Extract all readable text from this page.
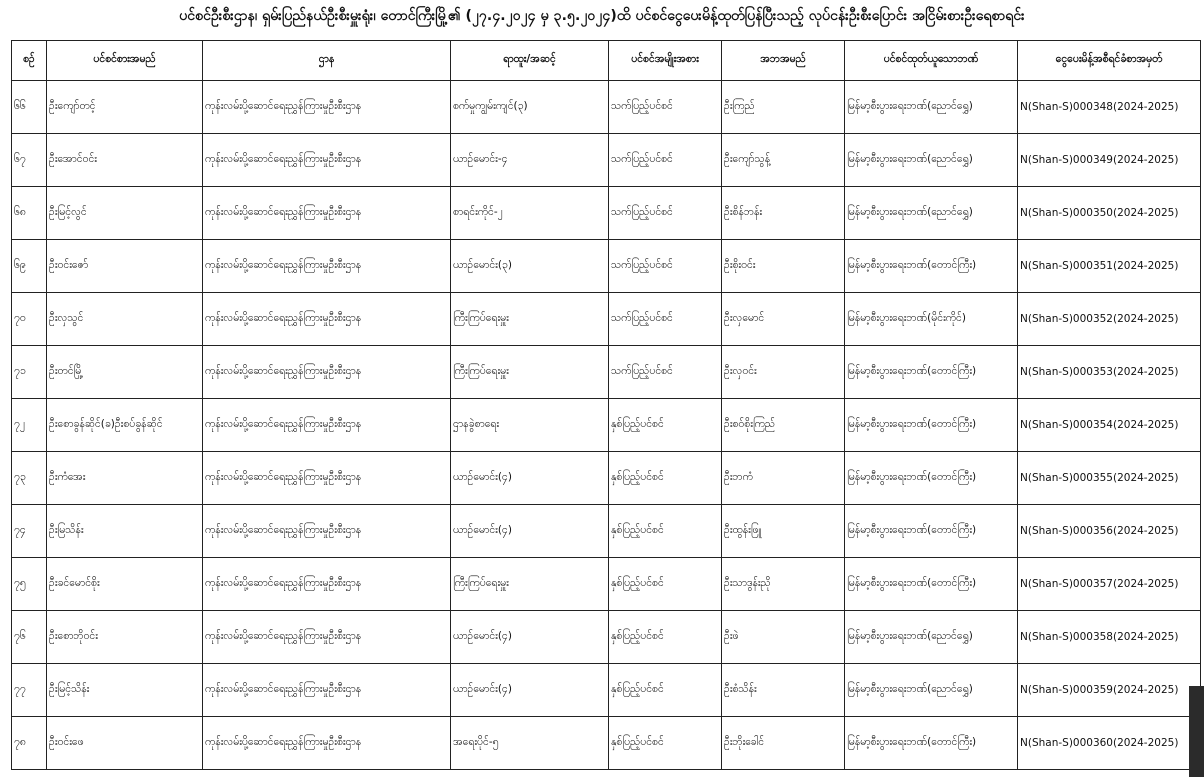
ပင်စင်ဦးစီးဌာန၊ ရှမ်းပြည်နယ်ဦးစီးမှူးရုံး၊ တောင်ကြီးမြို့၏ (၂၇.၄.၂၀၂၄ မှ ၃.၅.၂၀၂၄)ထိ ပင်စင်ငွေပေးမိန့်ထုတ်ပြန်ပြီးသည့် လုပ်ငန်းဦးစီးပြောင်း အငြိမ်းစားဦးရေစာရင်း
စဉ်	ပင်စင်စားအမည်	ဌာန	ရာထူး/အဆင့်	ပင်စင်အမျိုးအစား	အဘအမည်	ပင်စင်ထုတ်ယူသောဘဏ်	ငွေပေးမိန့်အစီရင်ခံစာအမှတ်
၆၆	ဦးကျော်တင့်	ကုန်းလမ်းပို့ဆောင်ရေးညွှန်ကြားမှုဦးစီးဌာန	စက်မှုကျွမ်းကျင်(၃)	သက်ပြည့်ပင်စင်	ဦးကြည်	မြန်မာ့စီးပွားရေးဘဏ်(ညောင်ရွှေ)	N(Shan-S)000348(2024-2025)
၆၇	ဦးအောင်ဝင်း	ကုန်းလမ်းပို့ဆောင်ရေးညွှန်ကြားမှုဦးစီးဌာန	ယာဉ်မောင်း-၄	သက်ပြည့်ပင်စင်	ဦးကျော်သွန့်	မြန်မာ့စီးပွားရေးဘဏ်(ညောင်ရွှေ)	N(Shan-S)000349(2024-2025)
၆၈	ဦးမြင့်လွင်	ကုန်းလမ်းပို့ဆောင်ရေးညွှန်ကြားမှုဦးစီးဌာန	စာရင်းကိုင်-၂	သက်ပြည့်ပင်စင်	ဦးစိန်ဘန်း	မြန်မာ့စီးပွားရေးဘဏ်(ညောင်ရွှေ)	N(Shan-S)000350(2024-2025)
၆၉	ဦးဝင်းဇော်	ကုန်းလမ်းပို့ဆောင်ရေးညွှန်ကြားမှုဦးစီးဌာန	ယာဉ်မောင်း(၃)	သက်ပြည့်ပင်စင်	ဦးစိုးဝင်း	မြန်မာ့စီးပွားရေးဘဏ်(တောင်ကြီး)	N(Shan-S)000351(2024-2025)
၇၀	ဦးလှသွင်	ကုန်းလမ်းပို့ဆောင်ရေးညွှန်ကြားမှုဦးစီးဌာန	ကြီးကြပ်ရေးမှူး	သက်ပြည့်ပင်စင်	ဦးလှမောင်	မြန်မာ့စီးပွားရေးဘဏ်(မိုင်းကိုင်)	N(Shan-S)000352(2024-2025)
၇၁	ဦးတင်မြို့	ကုန်းလမ်းပို့ဆောင်ရေးညွှန်ကြားမှုဦးစီးဌာန	ကြီးကြပ်ရေးမှူး	သက်ပြည့်ပင်စင်	ဦးလှဝင်း	မြန်မာ့စီးပွားရေးဘဏ်(တောင်ကြီး)	N(Shan-S)000353(2024-2025)
၇၂	ဦးစောခွန်ဆိုင်(ခ)ဦးစပ်ခွန်ဆိုင်	ကုန်းလမ်းပို့ဆောင်ရေးညွှန်ကြားမှုဦးစီးဌာန	ဌာနခွဲစာရေး	နှစ်ပြည့်ပင်စင်	ဦးစဝ်စိုးကြည်	မြန်မာ့စီးပွားရေးဘဏ်(တောင်ကြီး)	N(Shan-S)000354(2024-2025)
၇၃	ဦးကံအေး	ကုန်းလမ်းပို့ဆောင်ရေးညွှန်ကြားမှုဦးစီးဌာန	ယာဉ်မောင်း(၄)	နှစ်ပြည့်ပင်စင်	ဦးဘကံ	မြန်မာ့စီးပွားရေးဘဏ်(တောင်ကြီး)	N(Shan-S)000355(2024-2025)
၇၄	ဦးမြသိန်း	ကုန်းလမ်းပို့ဆောင်ရေးညွှန်ကြားမှုဦးစီးဌာန	ယာဉ်မောင်း(၄)	နှစ်ပြည့်ပင်စင်	ဦးထွန်းဖြူ	မြန်မာ့စီးပွားရေးဘဏ်(တောင်ကြီး)	N(Shan-S)000356(2024-2025)
၇၅	ဦးခင်မောင်စိုး	ကုန်းလမ်းပို့ဆောင်ရေးညွှန်ကြားမှုဦးစီးဌာန	ကြီးကြပ်ရေးမှူး	နှစ်ပြည့်ပင်စင်	ဦးသာဒွန်းညို	မြန်မာ့စီးပွားရေးဘဏ်(တောင်ကြီး)	N(Shan-S)000357(2024-2025)
၇၆	ဦးစောဘိုဝင်း	ကုန်းလမ်းပို့ဆောင်ရေးညွှန်ကြားမှုဦးစီးဌာန	ယာဉ်မောင်း(၄)	နှစ်ပြည့်ပင်စင်	ဦးဖဲ	မြန်မာ့စီးပွားရေးဘဏ်(ညောင်ရွှေ)	N(Shan-S)000358(2024-2025)
၇၇	ဦးမြင့်သိန်း	ကုန်းလမ်းပို့ဆောင်ရေးညွှန်ကြားမှုဦးစီးဌာန	ယာဉ်မောင်း(၄)	နှစ်ပြည့်ပင်စင်	ဦးစံသိန်း	မြန်မာ့စီးပွားရေးဘဏ်(ညောင်ရွှေ)	N(Shan-S)000359(2024-2025)
၇၈	ဦးဝင်းဖေ	ကုန်းလမ်းပို့ဆောင်ရေးညွှန်ကြားမှုဦးစီးဌာန	အရေးပိုင်-၅	နှစ်ပြည့်ပင်စင်	ဦးဘိုးခေါင်	မြန်မာ့စီးပွားရေးဘဏ်(တောင်ကြီး)	N(Shan-S)000360(2024-2025)
